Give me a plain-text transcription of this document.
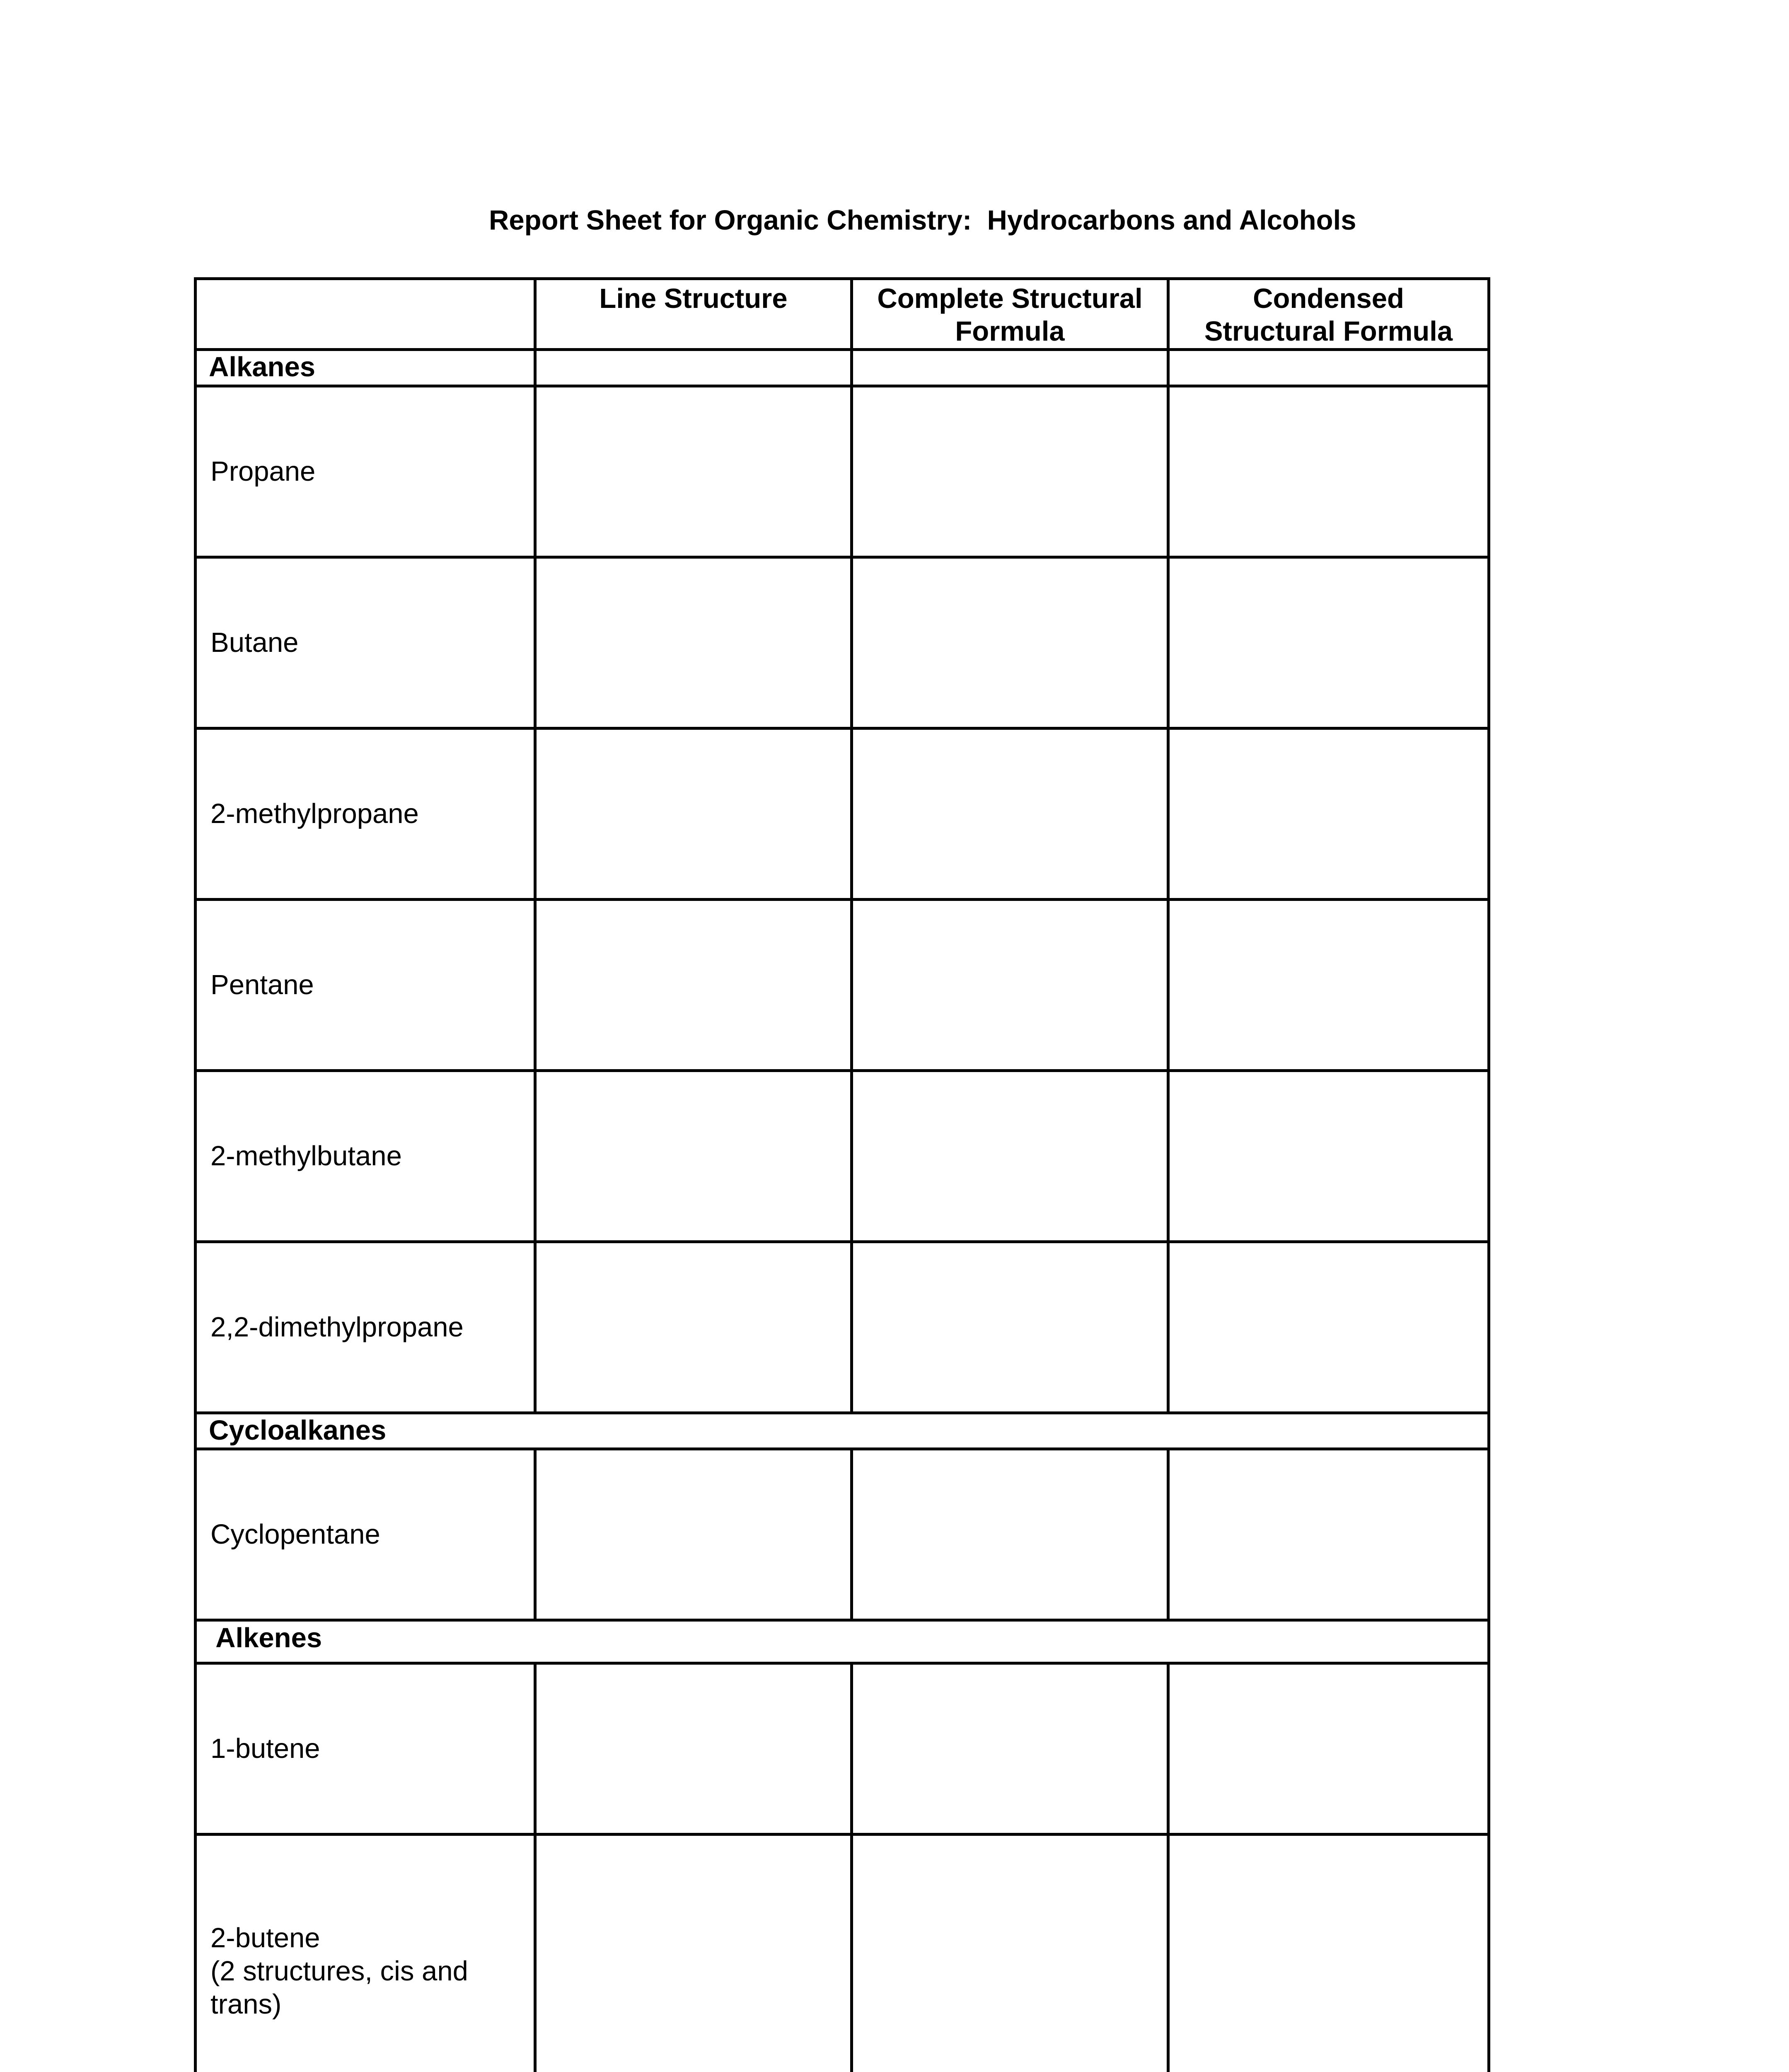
Report Sheet for Organic Chemistry:  Hydrocarbons and Alcohols
Line Structure	Complete Structural
Formula
Condensed
Structural Formula
Alkanes
Cycloalkanes
Alkenes
Propane
Butane
2-methylpropane
Pentane
2-methylbutane
2,2-dimethylpropane
Cyclopentane
1-butene
2-butene
(2 structures, cis and
trans)
